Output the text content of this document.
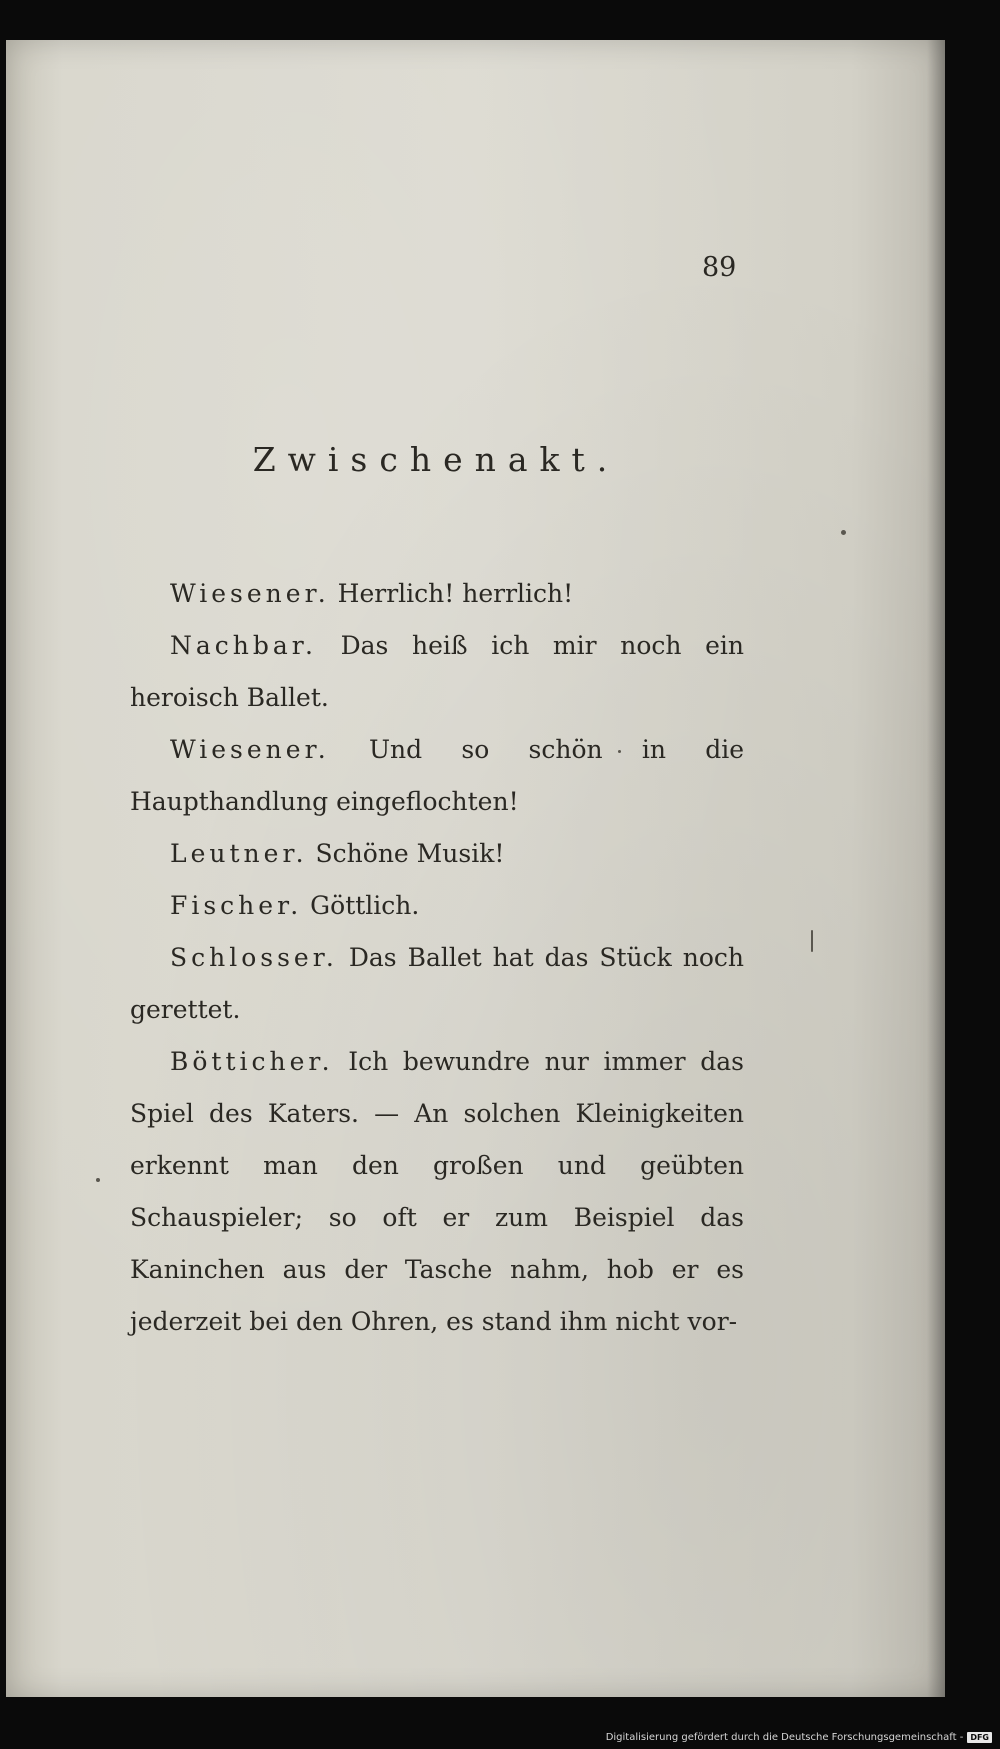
89
Zwischenakt.

Wiesener. Herrlich! herrlich!

Nachbar. Das heiß ich mir noch ein heroisch Ballet.

Wiesener. Und so schön in die Haupthandlung eingeflochten!

Leutner. Schöne Musik!

Fischer. Göttlich.

Schlosser. Das Ballet hat das Stück noch gerettet.

Bötticher. Ich bewundre nur immer das Spiel des Katers. — An solchen Kleinigkeiten erkennt man den großen und geübten Schauspieler; so oft er zum Beispiel das Kaninchen aus der Tasche nahm, hob er es jederzeit bei den Ohren, es stand ihm nicht vor-

Digitalisierung gefördert durch die Deutsche Forschungsgemeinschaft - DFG
